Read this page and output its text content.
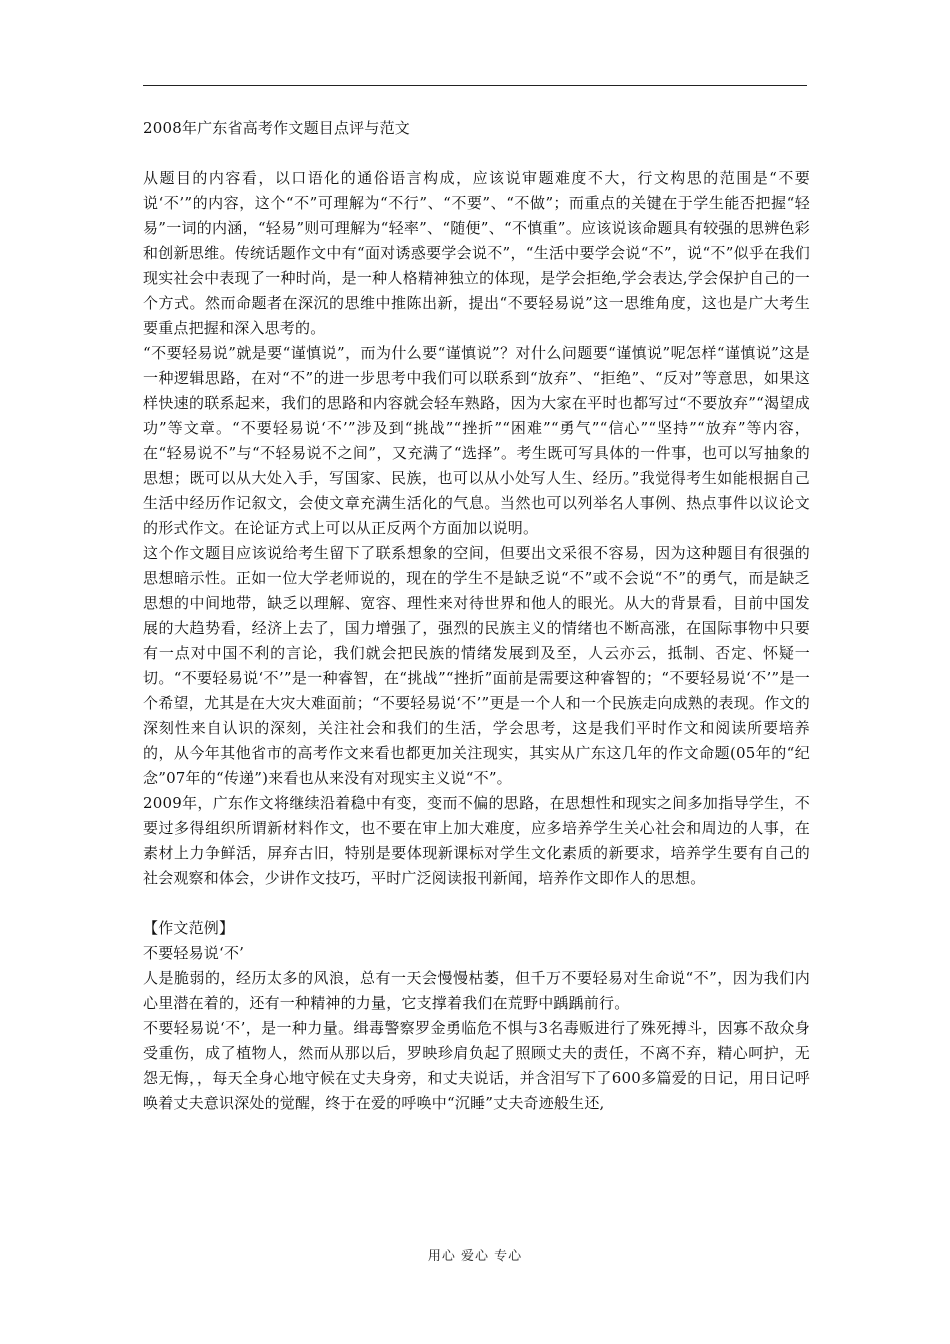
2008年广东省高考作文题目点评与范文

从题目的内容看，以口语化的通俗语言构成，应该说审题难度不大，行文构思的范围是“不要说‘不’”的内容，这个“不”可理解为“不行”、“不要”、“不做”；而重点的关键在于学生能否把握“轻易”一词的内涵，“轻易”则可理解为“轻率”、“随便”、“不慎重”。应该说该命题具有较强的思辨色彩和创新思维。传统话题作文中有“面对诱惑要学会说不”，“生活中要学会说“不”，说“不”似乎在我们现实社会中表现了一种时尚，是一种人格精神独立的体现，是学会拒绝,学会表达,学会保护自己的一个方式。然而命题者在深沉的思维中推陈出新，提出“不要轻易说”这一思维角度，这也是广大考生要重点把握和深入思考的。

“不要轻易说”就是要“谨慎说”，而为什么要“谨慎说”？对什么问题要“谨慎说”呢怎样“谨慎说”这是一种逻辑思路，在对“不”的进一步思考中我们可以联系到“放弃”、“拒绝”、“反对”等意思，如果这样快速的联系起来，我们的思路和内容就会轻车熟路，因为大家在平时也都写过“不要放弃”“渴望成功”等文章。“不要轻易说‘不’”涉及到“挑战”“挫折”“困难”“勇气”“信心”“坚持”“放弃”等内容，在“轻易说不”与“不轻易说不之间”，又充满了“选择”。考生既可写具体的一件事，也可以写抽象的思想；既可以从大处入手，写国家、民族，也可以从小处写人生、经历。”我觉得考生如能根据自己生活中经历作记叙文，会使文章充满生活化的气息。当然也可以列举名人事例、热点事件以议论文的形式作文。在论证方式上可以从正反两个方面加以说明。

这个作文题目应该说给考生留下了联系想象的空间，但要出文采很不容易，因为这种题目有很强的思想暗示性。正如一位大学老师说的，现在的学生不是缺乏说“不”或不会说“不”的勇气，而是缺乏思想的中间地带，缺乏以理解、宽容、理性来对待世界和他人的眼光。从大的背景看，目前中国发展的大趋势看，经济上去了，国力增强了，强烈的民族主义的情绪也不断高涨，在国际事物中只要有一点对中国不利的言论，我们就会把民族的情绪发展到及至，人云亦云，抵制、否定、怀疑一切。“不要轻易说‘不’”是一种睿智，在“挑战”“挫折”面前是需要这种睿智的；“不要轻易说‘不’”是一个希望，尤其是在大灾大难面前；“不要轻易说‘不’”更是一个人和一个民族走向成熟的表现。作文的深刻性来自认识的深刻，关注社会和我们的生活，学会思考，这是我们平时作文和阅读所要培养的，从今年其他省市的高考作文来看也都更加关注现实，其实从广东这几年的作文命题(05年的“纪念”07年的“传递”)来看也从来没有对现实主义说“不”。

2009年，广东作文将继续沿着稳中有变，变而不偏的思路，在思想性和现实之间多加指导学生，不要过多得组织所谓新材料作文，也不要在审上加大难度，应多培养学生关心社会和周边的人事，在素材上力争鲜活，屏弃古旧，特别是要体现新课标对学生文化素质的新要求，培养学生要有自己的社会观察和体会，少讲作文技巧，平时广泛阅读报刊新闻，培养作文即作人的思想。

【作文范例】

不要轻易说‘不’

人是脆弱的，经历太多的风浪，总有一天会慢慢枯萎，但千万不要轻易对生命说“不”，因为我们内心里潜在着的，还有一种精神的力量，它支撑着我们在荒野中踽踽前行。

不要轻易说‘不’，是一种力量。缉毒警察罗金勇临危不惧与3名毒贩进行了殊死搏斗，因寡不敌众身受重伤，成了植物人，然而从那以后，罗映珍肩负起了照顾丈夫的责任，不离不弃，精心呵护，无怨无悔，，每天全身心地守候在丈夫身旁，和丈夫说话，并含泪写下了600多篇爱的日记，用日记呼唤着丈夫意识深处的觉醒，终于在爱的呼唤中“沉睡”丈夫奇迹般生还,

用心 爱心 专心
